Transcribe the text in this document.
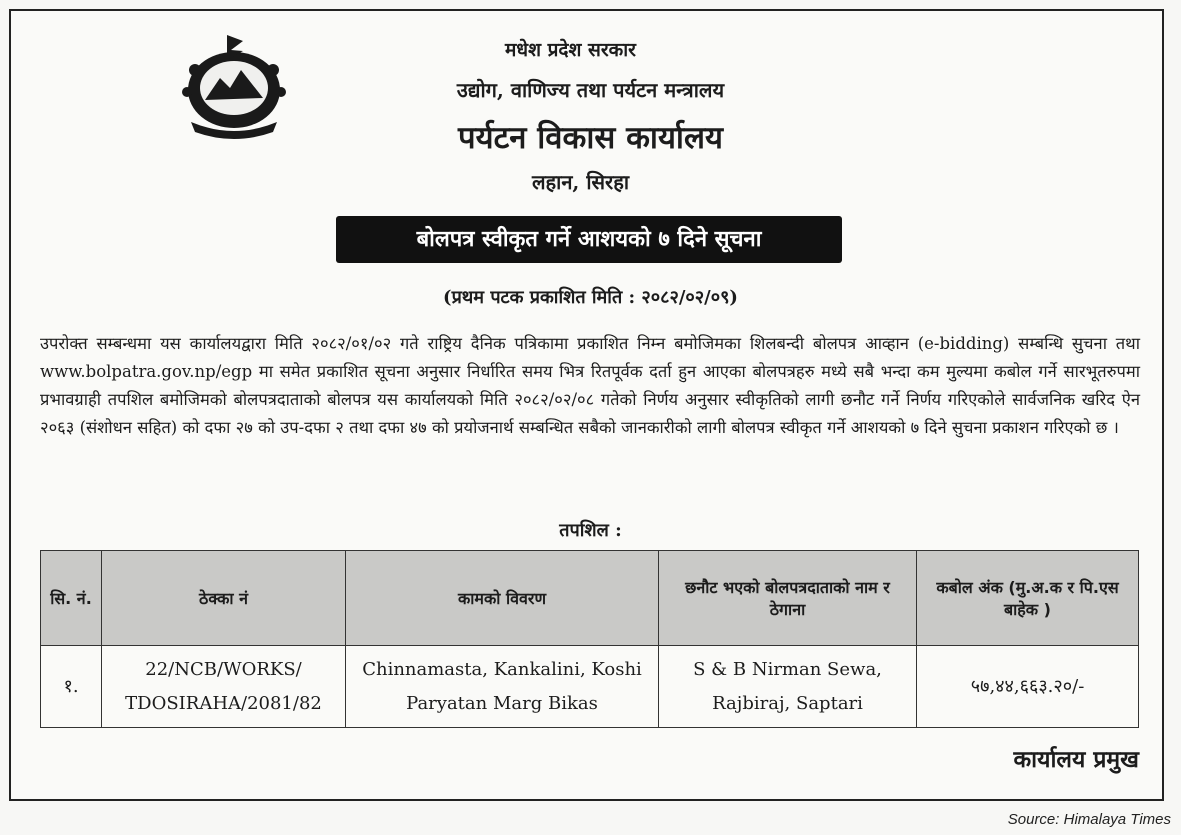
मधेश प्रदेश सरकार
उद्योग, वाणिज्य तथा पर्यटन मन्त्रालय
पर्यटन विकास कार्यालय
लहान, सिरहा
बोलपत्र स्वीकृत गर्ने आशयको ७ दिने सूचना
(प्रथम पटक प्रकाशित मिति : २०८२/०२/०९)
उपरोक्त सम्बन्धमा यस कार्यालयद्वारा मिति २०८२/०१/०२ गते राष्ट्रिय दैनिक पत्रिकामा प्रकाशित निम्न बमोजिमका शिलबन्दी बोलपत्र आव्हान (e-bidding) सम्बन्धि सुचना तथा www.bolpatra.gov.np/egp मा समेत प्रकाशित सूचना अनुसार निर्धारित समय भित्र रितपूर्वक दर्ता हुन आएका बोलपत्रहरु मध्ये सबै भन्दा कम मुल्यमा कबोल गर्ने सारभूतरुपमा प्रभावग्राही तपशिल बमोजिमको बोलपत्रदाताको बोलपत्र यस कार्यालयको मिति २०८२/०२/०८ गतेको निर्णय अनुसार स्वीकृतिको लागी छनौट गर्ने निर्णय गरिएकोले सार्वजनिक खरिद ऐन २०६३ (संशोधन सहित) को दफा २७ को उप-दफा २ तथा दफा ४७ को प्रयोजनार्थ सम्बन्धित सबैको जानकारीको लागी बोलपत्र स्वीकृत गर्ने आशयको ७ दिने सुचना प्रकाशन गरिएको छ ।
तपशिल :
सि. नं.	ठेक्का नं	कामको विवरण	छनौट भएको बोलपत्रदाताको नाम र ठेगाना	कबोल अंक (मु.अ.क र पि.एस बाहेक )
१.	22/NCB/WORKS/ TDOSIRAHA/2081/82	Chinnamasta, Kankalini, Koshi Paryatan Marg Bikas	S & B Nirman Sewa, Rajbiraj, Saptari	५७,४४,६६३.२०/-
कार्यालय प्रमुख
Source: Himalaya Times
